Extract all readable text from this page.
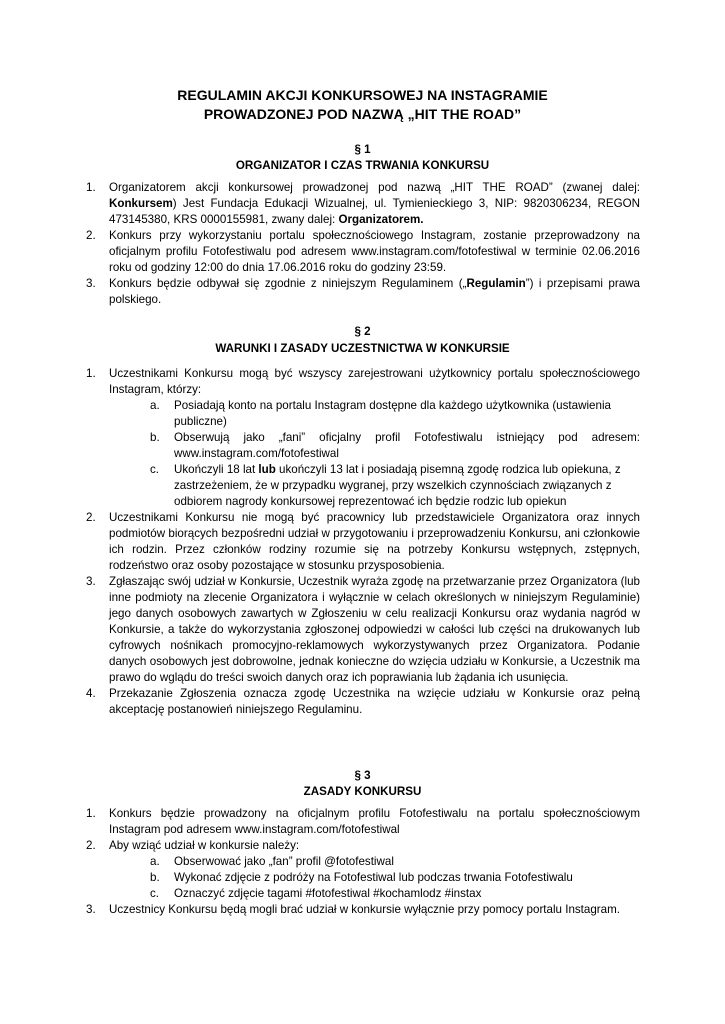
REGULAMIN AKCJI KONKURSOWEJ NA INSTAGRAMIE
PROWADZONEJ POD NAZWĄ „HIT THE ROAD”
§ 1
ORGANIZATOR I CZAS TRWANIA KONKURSU
1.	Organizatorem akcji konkursowej prowadzonej pod nazwą „HIT THE ROAD” (zwanej dalej: Konkursem) Jest Fundacja Edukacji Wizualnej, ul. Tymienieckiego 3, NIP: 9820306234, REGON 473145380, KRS 0000155981, zwany dalej: Organizatorem.
2.	Konkurs przy wykorzystaniu portalu społecznościowego Instagram, zostanie przeprowadzony na oficjalnym profilu Fotofestiwalu pod adresem www.instagram.com/fotofestiwal w terminie 02.06.2016 roku od godziny 12:00 do dnia 17.06.2016 roku do godziny 23:59.
3.	Konkurs będzie odbywał się zgodnie z niniejszym Regulaminem („Regulamin”) i przepisami prawa polskiego.
§ 2
WARUNKI I ZASADY UCZESTNICTWA W KONKURSIE
1.	Uczestnikami Konkursu mogą być wszyscy zarejestrowani użytkownicy portalu społecznościowego Instagram, którzy:
a.	Posiadają konto na portalu Instagram dostępne dla każdego użytkownika (ustawienia publiczne)
b.	Obserwują jako „fani” oficjalny profil Fotofestiwalu istniejący pod adresem: www.instagram.com/fotofestiwal
c.	Ukończyli 18 lat lub ukończyli 13 lat i posiadają pisemną zgodę rodzica lub opiekuna, z zastrzeżeniem, że w przypadku wygranej, przy wszelkich czynnościach związanych z odbiorem nagrody konkursowej reprezentować ich będzie rodzic lub opiekun
2.	Uczestnikami Konkursu nie mogą być pracownicy lub przedstawiciele Organizatora oraz innych podmiotów biorących bezpośredni udział w przygotowaniu i przeprowadzeniu Konkursu, ani członkowie ich rodzin. Przez członków rodziny rozumie się na potrzeby Konkursu wstępnych, zstępnych, rodzeństwo oraz osoby pozostające w stosunku przysposobienia.
3.	Zgłaszając swój udział w Konkursie, Uczestnik wyraża zgodę na przetwarzanie przez Organizatora (lub inne podmioty na zlecenie Organizatora i wyłącznie w celach określonych w niniejszym Regulaminie) jego danych osobowych zawartych w Zgłoszeniu w celu realizacji Konkursu oraz wydania nagród w Konkursie, a także do wykorzystania zgłoszonej odpowiedzi w całości lub części na drukowanych lub cyfrowych nośnikach promocyjno-reklamowych wykorzystywanych przez Organizatora. Podanie danych osobowych jest dobrowolne, jednak konieczne do wzięcia udziału w Konkursie, a Uczestnik ma prawo do wglądu do treści swoich danych oraz ich poprawiania lub żądania ich usunięcia.
4.	Przekazanie Zgłoszenia oznacza zgodę Uczestnika na wzięcie udziału w Konkursie oraz pełną akceptację postanowień niniejszego Regulaminu.
§ 3
ZASADY KONKURSU
1.	Konkurs będzie prowadzony na oficjalnym profilu Fotofestiwalu na portalu społecznościowym Instagram pod adresem www.instagram.com/fotofestiwal
2.	Aby wziąć udział w konkursie należy:
a.	Obserwować jako „fan” profil @fotofestiwal
b.	Wykonać zdjęcie z podróży na Fotofestiwal lub podczas trwania Fotofestiwalu
c.	Oznaczyć zdjęcie tagami #fotofestiwal #kochamlodz #instax
3.	Uczestnicy Konkursu będą mogli brać udział w konkursie wyłącznie przy pomocy portalu Instagram.
